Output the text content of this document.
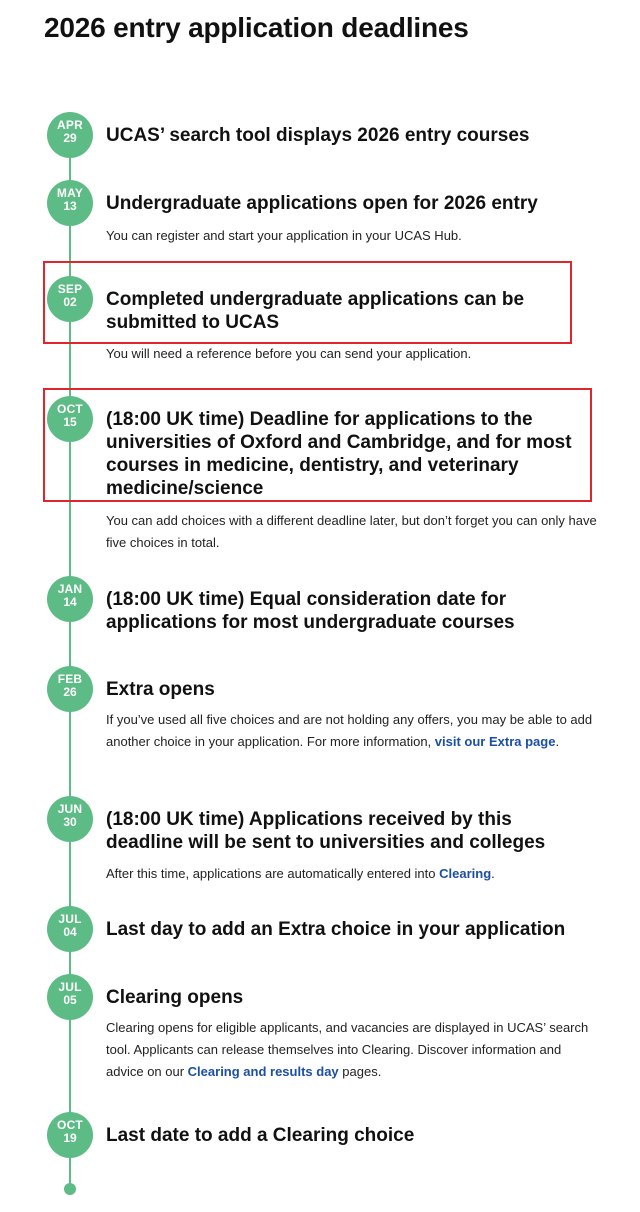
2026 entry application deadlines
APR
29	UCAS’ search tool displays 2026 entry courses
MAY
13	Undergraduate applications open for 2026 entry

You can register and start your application in your UCAS Hub.

SEP
02	Completed undergraduate applications can be submitted to UCAS

You will need a reference before you can send your application.

OCT
15	(18:00 UK time) Deadline for applications to the universities of Oxford and Cambridge, and for most courses in medicine, dentistry, and veterinary medicine/science

You can add choices with a different deadline later, but don’t forget you can only have five choices in total.

JAN
14	(18:00 UK time) Equal consideration date for applications for most undergraduate courses
FEB
26	Extra opens

If you’ve used all five choices and are not holding any offers, you may be able to add another choice in your application. For more information, visit our Extra page.

JUN
30	(18:00 UK time) Applications received by this deadline will be sent to universities and colleges

After this time, applications are automatically entered into Clearing.

JUL
04	Last day to add an Extra choice in your application
JUL
05	Clearing opens

Clearing opens for eligible applicants, and vacancies are displayed in UCAS’ search tool. Applicants can release themselves into Clearing. Discover information and advice on our Clearing and results day pages.

OCT
19	Last date to add a Clearing choice
